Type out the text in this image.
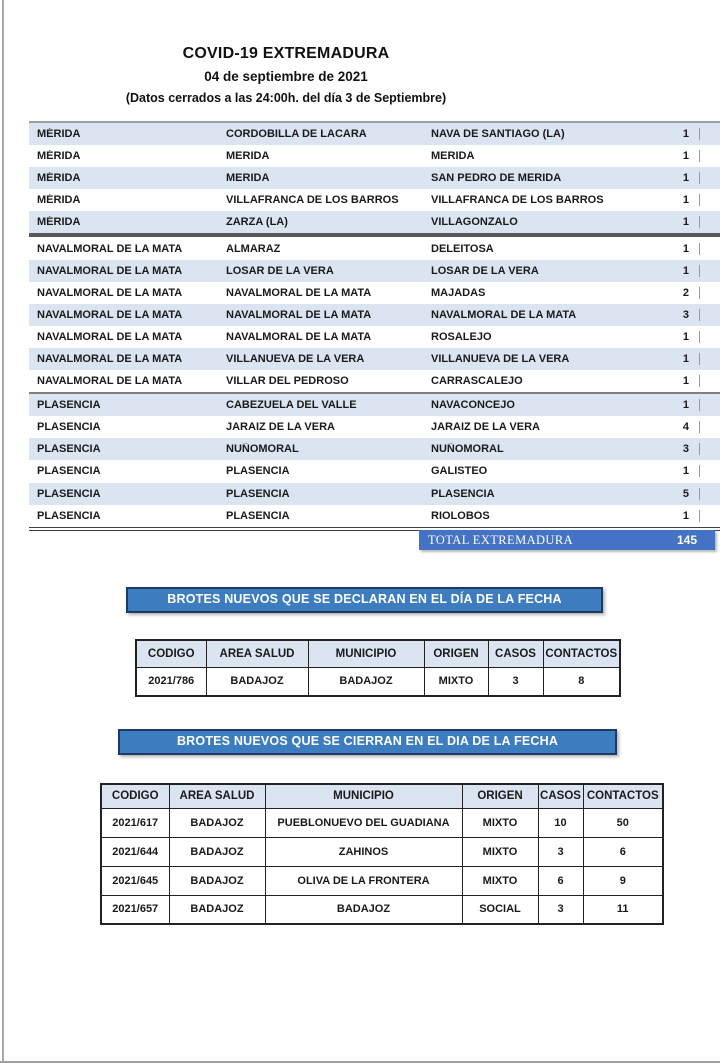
COVID-19 EXTREMADURA
04 de septiembre de 2021
(Datos cerrados a las 24:00h. del día 3 de Septiembre)
MÉRIDA	CORDOBILLA DE LACARA	NAVA DE SANTIAGO (LA)	1
MÉRIDA	MERIDA	MERIDA	1
MÉRIDA	MERIDA	SAN PEDRO DE MERIDA	1
MÉRIDA	VILLAFRANCA DE LOS BARROS	VILLAFRANCA DE LOS BARROS	1
MÉRIDA	ZARZA (LA)	VILLAGONZALO	1
NAVALMORAL DE LA MATA	ALMARAZ	DELEITOSA	1
NAVALMORAL DE LA MATA	LOSAR DE LA VERA	LOSAR DE LA VERA	1
NAVALMORAL DE LA MATA	NAVALMORAL DE LA MATA	MAJADAS	2
NAVALMORAL DE LA MATA	NAVALMORAL DE LA MATA	NAVALMORAL DE LA MATA	3
NAVALMORAL DE LA MATA	NAVALMORAL DE LA MATA	ROSALEJO	1
NAVALMORAL DE LA MATA	VILLANUEVA DE LA VERA	VILLANUEVA DE LA VERA	1
NAVALMORAL DE LA MATA	VILLAR DEL PEDROSO	CARRASCALEJO	1
PLASENCIA	CABEZUELA DEL VALLE	NAVACONCEJO	1
PLASENCIA	JARAIZ DE LA VERA	JARAIZ DE LA VERA	4
PLASENCIA	NUÑOMORAL	NUÑOMORAL	3
PLASENCIA	PLASENCIA	GALISTEO	1
PLASENCIA	PLASENCIA	PLASENCIA	5
PLASENCIA	PLASENCIA	RIOLOBOS	1
TOTAL EXTREMADURA	145
BROTES NUEVOS QUE SE DECLARAN EN EL DÍA DE LA FECHA
CODIGO	AREA SALUD	MUNICIPIO	ORIGEN	CASOS	CONTACTOS
2021/786	BADAJOZ	BADAJOZ	MIXTO	3	8
BROTES NUEVOS QUE SE CIERRAN EN EL DIA DE LA FECHA
CODIGO	AREA SALUD	MUNICIPIO	ORIGEN	CASOS	CONTACTOS
2021/617	BADAJOZ	PUEBLONUEVO DEL GUADIANA	MIXTO	10	50
2021/644	BADAJOZ	ZAHINOS	MIXTO	3	6
2021/645	BADAJOZ	OLIVA DE LA FRONTERA	MIXTO	6	9
2021/657	BADAJOZ	BADAJOZ	SOCIAL	3	11
